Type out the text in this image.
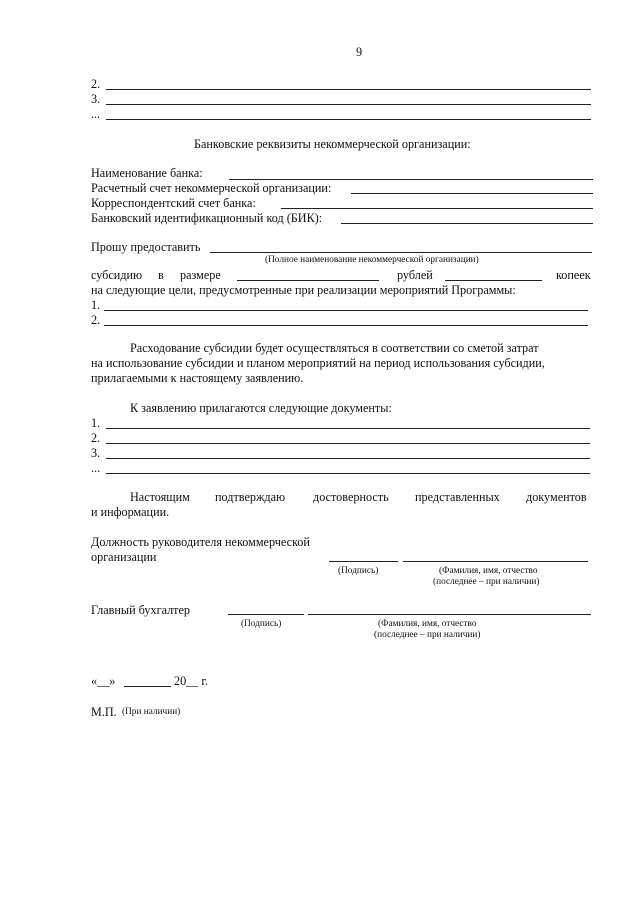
9
2.
3.
...
Банковские реквизиты некоммерческой организации:
Наименование банка:
Расчетный счет некоммерческой организации:
Корреспондентский счет банка:
Банковский идентификационный код (БИК):
Прошу предоставить
(Полное наименование некоммерческой организации)
субсидию в размере	рублей	копеек
на следующие цели, предусмотренные при реализации мероприятий Программы:
1.
2.
Расходование субсидии будет осуществляться в соответствии со сметой затрат
на использование субсидии и планом мероприятий на период использования субсидии,
прилагаемыми к настоящему заявлению.
К заявлению прилагаются следующие документы:
1.
2.
3.
...
Настоящим подтверждаю достоверность представленных документов
и информации.
Должность руководителя некоммерческой
организации
(Подпись)	(Фамилия, имя, отчество
(последнее – при наличии)
Главный бухгалтер
(Подпись)	(Фамилия, имя, отчество
(последнее – при наличии)
«__»	20__ г.
М.П. (При наличии)
